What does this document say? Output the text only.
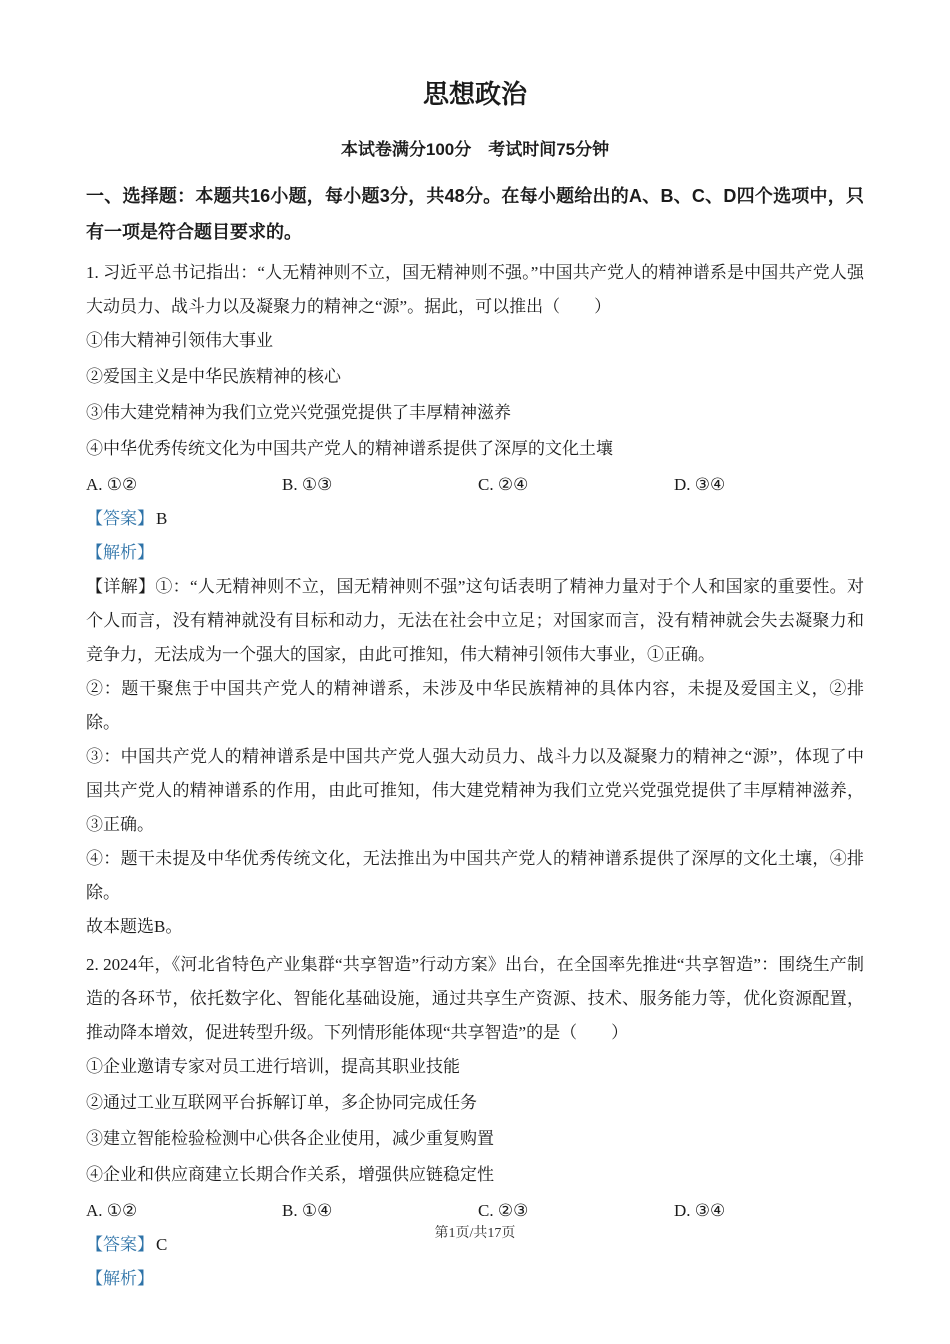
思想政治

本试卷满分100分　考试时间75分钟

一、选择题：本题共16小题，每小题3分，共48分。在每小题给出的A、B、C、D四个选项中，只有一项是符合题目要求的。

1. 习近平总书记指出：“人无精神则不立，国无精神则不强。”中国共产党人的精神谱系是中国共产党人强大动员力、战斗力以及凝聚力的精神之“源”。据此，可以推出（　　）

①伟大精神引领伟大事业

②爱国主义是中华民族精神的核心

③伟大建党精神为我们立党兴党强党提供了丰厚精神滋养

④中华优秀传统文化为中国共产党人的精神谱系提供了深厚的文化土壤

A. ①②	B. ①③	C. ②④	D. ③④

【答案】 B

【解析】

【详解】①：“人无精神则不立，国无精神则不强”这句话表明了精神力量对于个人和国家的重要性。对个人而言，没有精神就没有目标和动力，无法在社会中立足；对国家而言，没有精神就会失去凝聚力和竞争力，无法成为一个强大的国家，由此可推知，伟大精神引领伟大事业，①正确。

②：题干聚焦于中国共产党人的精神谱系，未涉及中华民族精神的具体内容，未提及爱国主义，②排除。

③：中国共产党人的精神谱系是中国共产党人强大动员力、战斗力以及凝聚力的精神之“源”，体现了中国共产党人的精神谱系的作用，由此可推知，伟大建党精神为我们立党兴党强党提供了丰厚精神滋养，③正确。

④：题干未提及中华优秀传统文化，无法推出为中国共产党人的精神谱系提供了深厚的文化土壤，④排除。

故本题选B。

2. 2024年，《河北省特色产业集群“共享智造”行动方案》出台，在全国率先推进“共享智造”：围绕生产制造的各环节，依托数字化、智能化基础设施，通过共享生产资源、技术、服务能力等，优化资源配置，推动降本增效，促进转型升级。下列情形能体现“共享智造”的是（　　）

①企业邀请专家对员工进行培训，提高其职业技能

②通过工业互联网平台拆解订单，多企协同完成任务

③建立智能检验检测中心供各企业使用，减少重复购置

④企业和供应商建立长期合作关系，增强供应链稳定性

A. ①②	B. ①④	C. ②③	D. ③④

【答案】 C

【解析】

第1页/共17页
